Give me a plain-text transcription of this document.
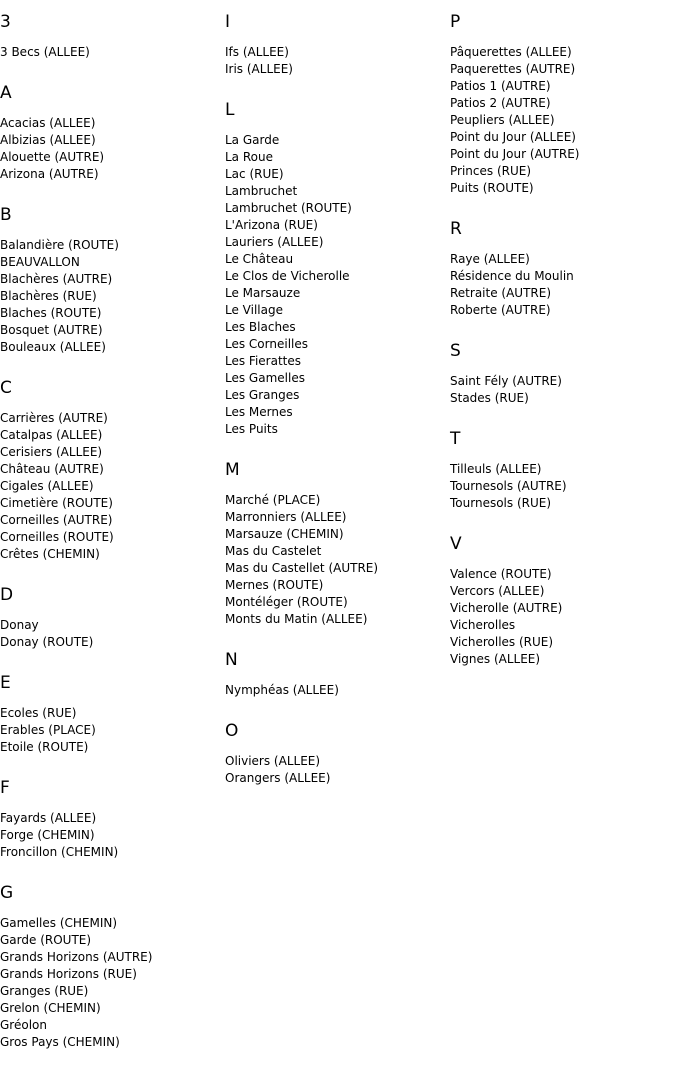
3
3 Becs (ALLEE)
A
Acacias (ALLEE)
Albizias (ALLEE)
Alouette (AUTRE)
Arizona (AUTRE)
B
Balandière (ROUTE)
BEAUVALLON
Blachères (AUTRE)
Blachères (RUE)
Blaches (ROUTE)
Bosquet (AUTRE)
Bouleaux (ALLEE)
C
Carrières (AUTRE)
Catalpas (ALLEE)
Cerisiers (ALLEE)
Château (AUTRE)
Cigales (ALLEE)
Cimetière (ROUTE)
Corneilles (AUTRE)
Corneilles (ROUTE)
Crêtes (CHEMIN)
D
Donay
Donay (ROUTE)
E
Ecoles (RUE)
Erables (PLACE)
Etoile (ROUTE)
F
Fayards (ALLEE)
Forge (CHEMIN)
Froncillon (CHEMIN)
G
Gamelles (CHEMIN)
Garde (ROUTE)
Grands Horizons (AUTRE)
Grands Horizons (RUE)
Granges (RUE)
Grelon (CHEMIN)
Gréolon
Gros Pays (CHEMIN)
I
Ifs (ALLEE)
Iris (ALLEE)
L
La Garde
La Roue
Lac (RUE)
Lambruchet
Lambruchet (ROUTE)
L'Arizona (RUE)
Lauriers (ALLEE)
Le Château
Le Clos de Vicherolle
Le Marsauze
Le Village
Les Blaches
Les Corneilles
Les Fierattes
Les Gamelles
Les Granges
Les Mernes
Les Puits
M
Marché (PLACE)
Marronniers (ALLEE)
Marsauze (CHEMIN)
Mas du Castelet
Mas du Castellet (AUTRE)
Mernes (ROUTE)
Montéléger (ROUTE)
Monts du Matin (ALLEE)
N
Nymphéas (ALLEE)
O
Oliviers (ALLEE)
Orangers (ALLEE)
P
Pâquerettes (ALLEE)
Paquerettes (AUTRE)
Patios 1 (AUTRE)
Patios 2 (AUTRE)
Peupliers (ALLEE)
Point du Jour (ALLEE)
Point du Jour (AUTRE)
Princes (RUE)
Puits (ROUTE)
R
Raye (ALLEE)
Résidence du Moulin
Retraite (AUTRE)
Roberte (AUTRE)
S
Saint Fély (AUTRE)
Stades (RUE)
T
Tilleuls (ALLEE)
Tournesols (AUTRE)
Tournesols (RUE)
V
Valence (ROUTE)
Vercors (ALLEE)
Vicherolle (AUTRE)
Vicherolles
Vicherolles (RUE)
Vignes (ALLEE)
